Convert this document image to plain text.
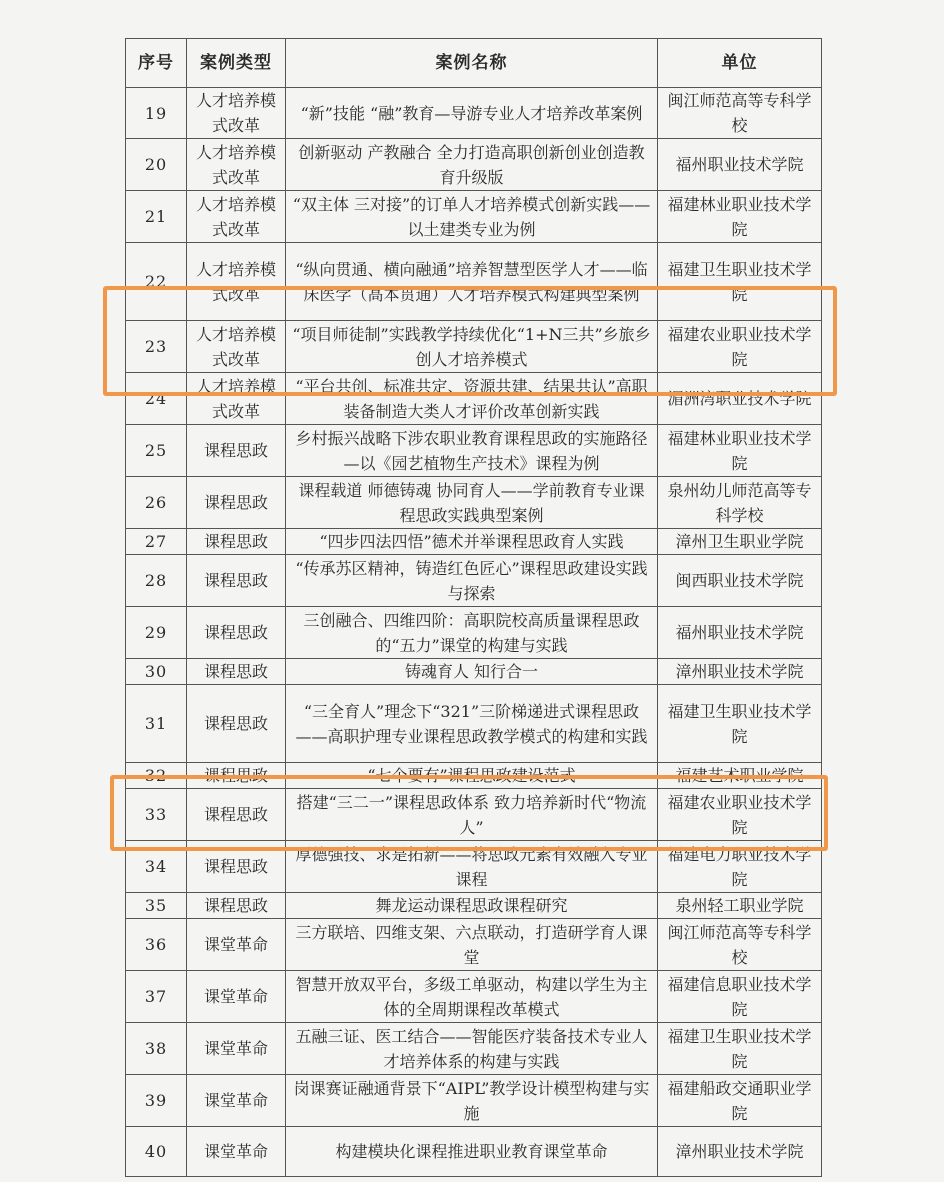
序号	案例类型	案例名称	单位
19	人才培养模式改革	“新”技能 “融”教育—导游专业人才培养改革案例	闽江师范高等专科学校
20	人才培养模式改革	创新驱动 产教融合 全力打造高职创新创业创造教育升级版	福州职业技术学院
21	人才培养模式改革	“双主体 三对接”的订单人才培养模式创新实践——以土建类专业为例	福建林业职业技术学院
22	人才培养模式改革	“纵向贯通、横向融通”培养智慧型医学人才——临床医学（高本贯通）人才培养模式构建典型案例	福建卫生职业技术学院
23	人才培养模式改革	“项目师徒制”实践教学持续优化“1+N三共”乡旅乡创人才培养模式	福建农业职业技术学院
24	人才培养模式改革	“平台共创、标准共定、资源共建、结果共认”高职装备制造大类人才评价改革创新实践	湄洲湾职业技术学院
25	课程思政	乡村振兴战略下涉农职业教育课程思政的实施路径—以《园艺植物生产技术》课程为例	福建林业职业技术学院
26	课程思政	课程载道 师德铸魂 协同育人——学前教育专业课程思政实践典型案例	泉州幼儿师范高等专科学校
27	课程思政	“四步四法四悟”德术并举课程思政育人实践	漳州卫生职业学院
28	课程思政	“传承苏区精神，铸造红色匠心”课程思政建设实践与探索	闽西职业技术学院
29	课程思政	三创融合、四维四阶：高职院校高质量课程思政的“五力”课堂的构建与实践	福州职业技术学院
30	课程思政	铸魂育人 知行合一	漳州职业技术学院
31	课程思政	“三全育人”理念下“321”三阶梯递进式课程思政——高职护理专业课程思政教学模式的构建和实践	福建卫生职业技术学院
32	课程思政	“七个要有”课程思政建设范式	福建艺术职业学院
33	课程思政	搭建“三二一”课程思政体系 致力培养新时代“物流人”	福建农业职业技术学院
34	课程思政	厚德强技、求是拓新——将思政元素有效融入专业课程	福建电力职业技术学院
35	课程思政	舞龙运动课程思政课程研究	泉州轻工职业学院
36	课堂革命	三方联培、四维支架、六点联动，打造研学育人课堂	闽江师范高等专科学校
37	课堂革命	智慧开放双平台，多级工单驱动，构建以学生为主体的全周期课程改革模式	福建信息职业技术学院
38	课堂革命	五融三证、医工结合——智能医疗装备技术专业人才培养体系的构建与实践	福建卫生职业技术学院
39	课堂革命	岗课赛证融通背景下“AIPL”教学设计模型构建与实施	福建船政交通职业学院
40	课堂革命	构建模块化课程推进职业教育课堂革命	漳州职业技术学院
